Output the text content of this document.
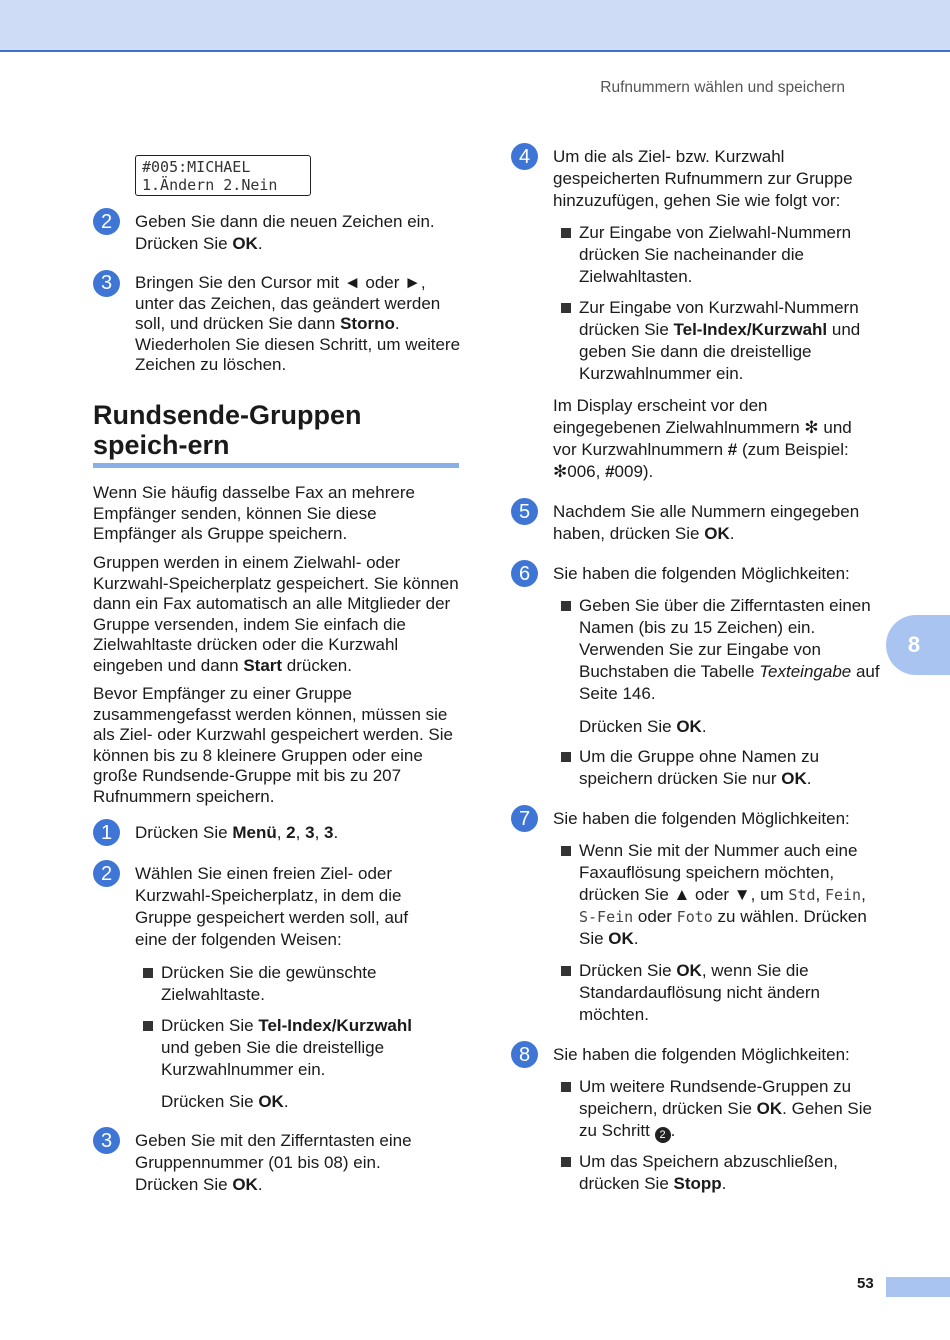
Rufnummern wählen und speichern
8
53
#005:MICHAEL
1.Ändern 2.Nein
2	Geben Sie dann die neuen Zeichen ein. Drücken Sie OK.
3	Bringen Sie den Cursor mit ◄ oder ►, unter das Zeichen, das geändert werden soll, und drücken Sie dann Storno. Wiederholen Sie diesen Schritt, um weitere Zeichen zu löschen.
Rundsende-Gruppen speich-ern

Wenn Sie häufig dasselbe Fax an mehrere Empfänger senden, können Sie diese Empfänger als Gruppe speichern.

Gruppen werden in einem Zielwahl- oder Kurzwahl-Speicherplatz gespeichert. Sie können dann ein Fax automatisch an alle Mitglieder der Gruppe versenden, indem Sie einfach die Zielwahltaste drücken oder die Kurzwahl eingeben und dann Start drücken.

Bevor Empfänger zu einer Gruppe zusammengefasst werden können, müssen sie als Ziel- oder Kurzwahl gespeichert werden. Sie können bis zu 8 kleinere Gruppen oder eine große Rundsende-Gruppe mit bis zu 207 Rufnummern speichern.

1	Drücken Sie Menü, 2, 3, 3.
2	Wählen Sie einen freien Ziel- oder Kurzwahl-Speicherplatz, in dem die Gruppe gespeichert werden soll, auf eine der folgenden Weisen:
Drücken Sie die gewünschte Zielwahltaste.
Drücken Sie Tel-Index/Kurzwahl und geben Sie die dreistellige Kurzwahlnummer ein.
Drücken Sie OK.
3	Geben Sie mit den Zifferntasten eine Gruppennummer (01 bis 08) ein. Drücken Sie OK.
4	Um die als Ziel- bzw. Kurzwahl gespeicherten Rufnummern zur Gruppe hinzuzufügen, gehen Sie wie folgt vor:
Zur Eingabe von Zielwahl-Nummern drücken Sie nacheinander die Zielwahltasten.
Zur Eingabe von Kurzwahl-Nummern drücken Sie Tel-Index/Kurzwahl und geben Sie dann die dreistellige Kurzwahlnummer ein.

Im Display erscheint vor den eingegebenen Zielwahlnummern ✻ und vor Kurzwahlnummern # (zum Beispiel: ✻006, #009).

5	Nachdem Sie alle Nummern eingegeben haben, drücken Sie OK.
6	Sie haben die folgenden Möglichkeiten:
Geben Sie über die Zifferntasten einen Namen (bis zu 15 Zeichen) ein. Verwenden Sie zur Eingabe von Buchstaben die Tabelle Texteingabe auf Seite 146.
Drücken Sie OK.
Um die Gruppe ohne Namen zu speichern drücken Sie nur OK.
7	Sie haben die folgenden Möglichkeiten:
Wenn Sie mit der Nummer auch eine Faxauflösung speichern möchten, drücken Sie ▲ oder ▼, um Std, Fein, S-Fein oder Foto zu wählen. Drücken Sie OK.
Drücken Sie OK, wenn Sie die Standardauflösung nicht ändern möchten.
8	Sie haben die folgenden Möglichkeiten:
Um weitere Rundsende-Gruppen zu speichern, drücken Sie OK. Gehen Sie zu Schritt 2 .
Um das Speichern abzuschließen, drücken Sie Stopp.
